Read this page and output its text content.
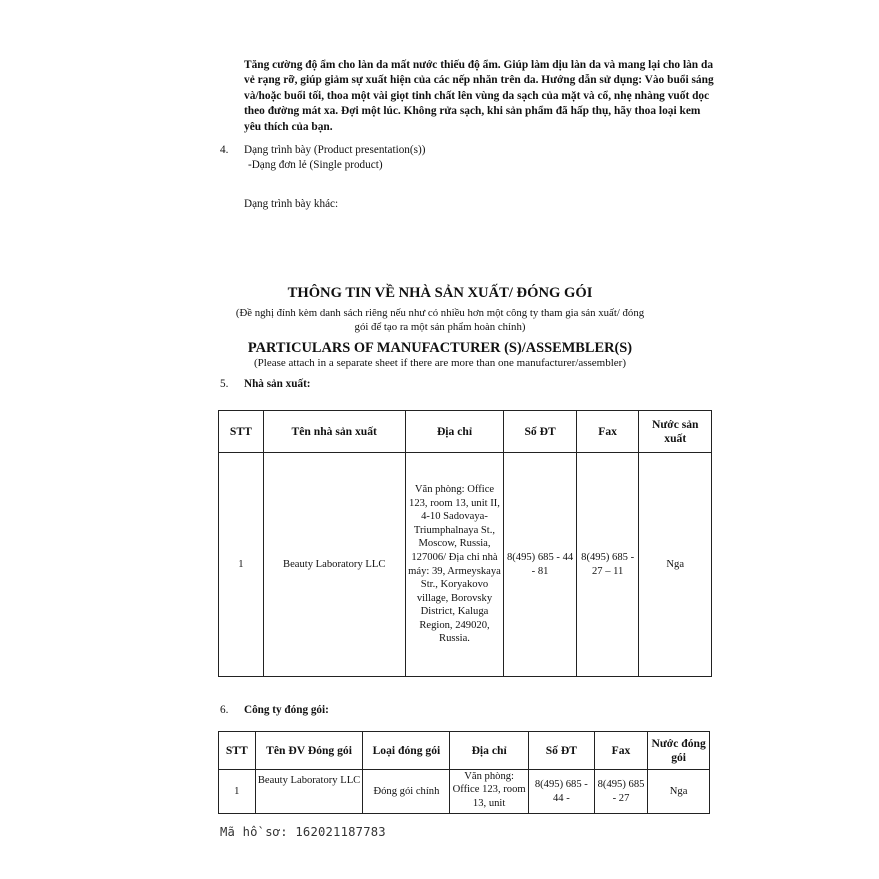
Tăng cường độ ẩm cho làn da mất nước thiếu độ ẩm. Giúp làm dịu làn da và mang lại cho làn da vẻ rạng rỡ, giúp giảm sự xuất hiện của các nếp nhăn trên da. Hướng dẫn sử dụng: Vào buổi sáng và/hoặc buổi tối, thoa một vài giọt tinh chất lên vùng da sạch của mặt và cổ, nhẹ nhàng vuốt dọc theo đường mát xa. Đợi một lúc. Không rửa sạch, khi sản phẩm đã hấp thụ, hãy thoa loại kem yêu thích của bạn.
4. Dạng trình bày (Product presentation(s))
-Dạng đơn lẻ (Single product)
Dạng trình bày khác:
THÔNG TIN VỀ NHÀ SẢN XUẤT/ ĐÓNG GÓI
(Đề nghị đính kèm danh sách riêng nếu như có nhiều hơn một công ty tham gia sản xuất/ đóng
gói để tạo ra một sản phẩm hoàn chỉnh)
PARTICULARS OF MANUFACTURER (S)/ASSEMBLER(S)
(Please attach in a separate sheet if there are more than one manufacturer/assembler)
5. Nhà sản xuất:
STT	Tên nhà sản xuất	Địa chỉ	Số ĐT	Fax	Nước sản xuất
1	Beauty Laboratory LLC	Văn phòng: Office 123, room 13, unit II, 4-10 Sadovaya-Triumphalnaya St., Moscow, Russia, 127006/ Địa chỉ nhà máy: 39, Armeyskaya Str., Koryakovo village, Borovsky District, Kaluga Region, 249020, Russia.	8(495) 685 - 44 - 81	8(495) 685 - 27 – 11	Nga
6. Công ty đóng gói:
STT	Tên ĐV Đóng gói	Loại đóng gói	Địa chỉ	Số ĐT	Fax	Nước đóng gói
1	Beauty Laboratory LLC	Đóng gói chính	Văn phòng: Office 123, room 13, unit	8(495) 685 - 44 -	8(495) 685 - 27	Nga
Mã hồ sơ: 162021187783
